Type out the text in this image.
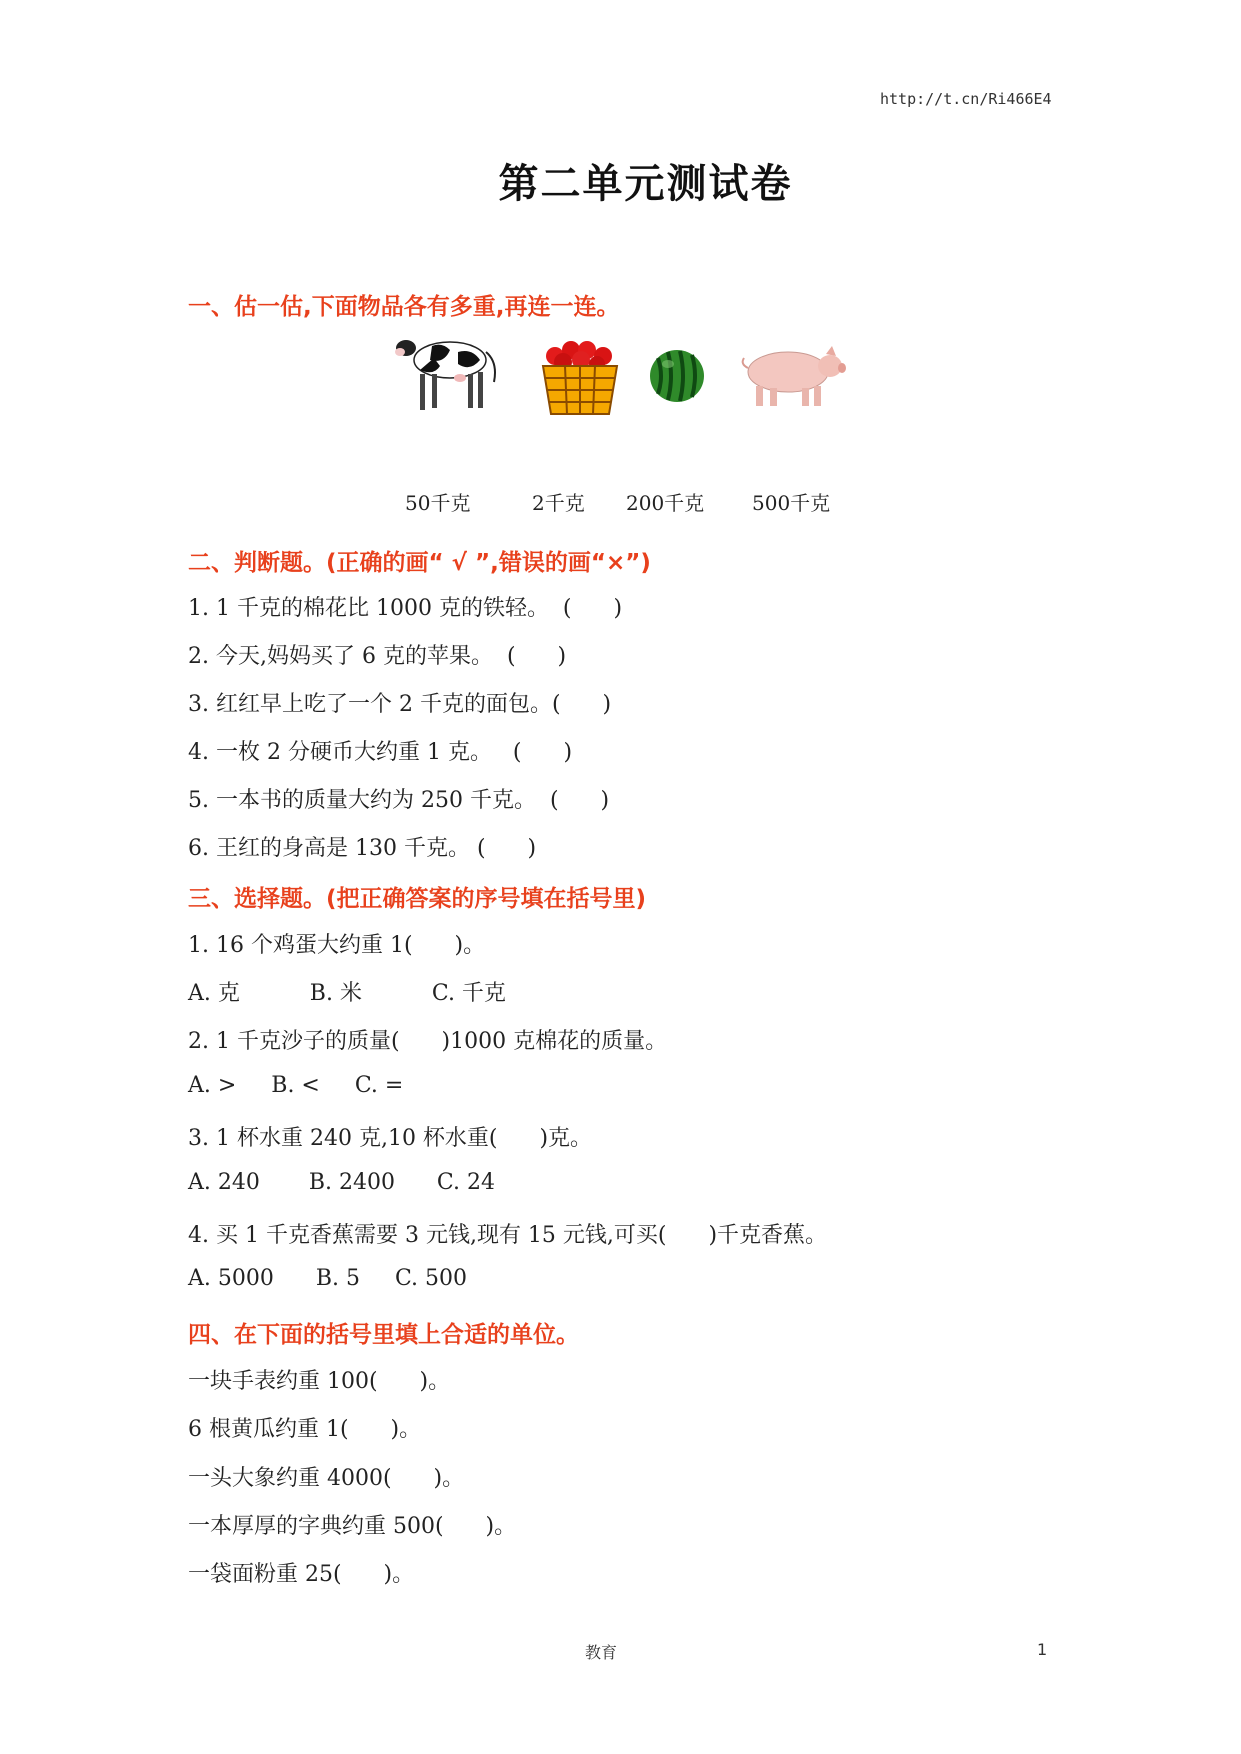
http://t.cn/Ri466E4
第二单元测试卷
一、估一估,下面物品各有多重,再连一连。
50千克	2千克 200千克 500千克
二、判断题。(正确的画“ √ ”,错误的画“×”)
1. 1 千克的棉花比 1000 克的铁轻。  (      )
2. 今天,妈妈买了 6 克的苹果。  (      )
3. 红红早上吃了一个 2 千克的面包。(      )
4. 一枚 2 分硬币大约重 1 克。   (      )
5. 一本书的质量大约为 250 千克。  (      )
6. 王红的身高是 130 千克。 (      )
三、选择题。(把正确答案的序号填在括号里)
1. 16 个鸡蛋大约重 1(      )。
A. 克          B. 米          C. 千克
2. 1 千克沙子的质量(      )1000 克棉花的质量。
A. >     B. <     C. =
3. 1 杯水重 240 克,10 杯水重(      )克。
A. 240       B. 2400      C. 24
4. 买 1 千克香蕉需要 3 元钱,现有 15 元钱,可买(      )千克香蕉。
A. 5000      B. 5     C. 500
四、在下面的括号里填上合适的单位。
一块手表约重 100(      )。
6 根黄瓜约重 1(      )。
一头大象约重 4000(      )。
一本厚厚的字典约重 500(      )。
一袋面粉重 25(      )。
教育	1
